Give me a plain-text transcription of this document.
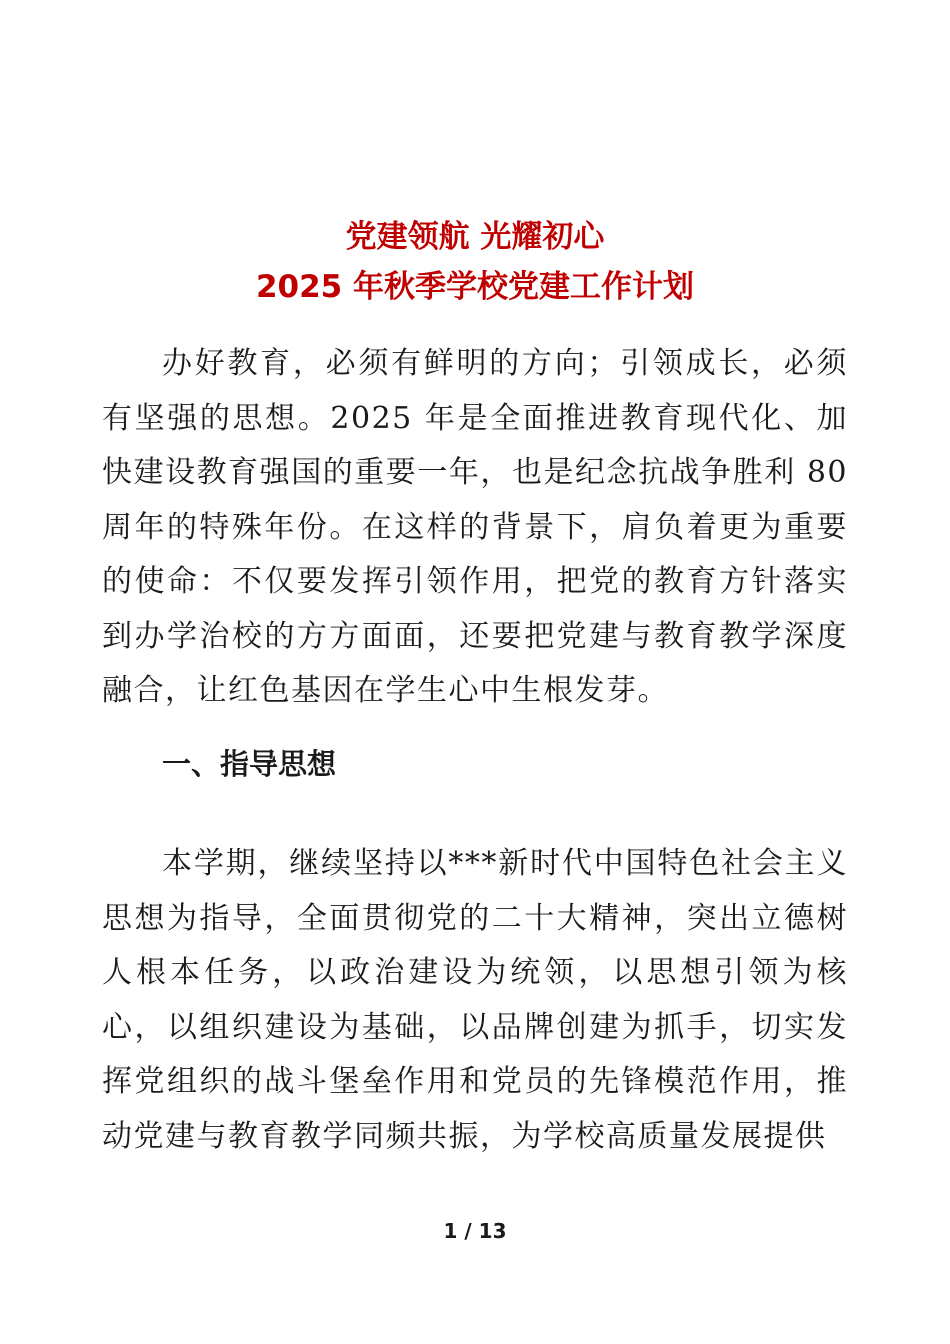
党建领航 光耀初心
2025 年秋季学校党建工作计划

办好教育，必须有鲜明的方向；引领成长，必须有坚强的思想。2025 年是全面推进教育现代化、加快建设教育强国的重要一年，也是纪念抗战争胜利 80 周年的特殊年份。在这样的背景下，肩负着更为重要的使命：不仅要发挥引领作用，把党的教育方针落实到办学治校的方方面面，还要把党建与教育教学深度融合，让红色基因在学生心中生根发芽。

一、指导思想

本学期，继续坚持以***新时代中国特色社会主义思想为指导，全面贯彻党的二十大精神，突出立德树人根本任务，以政治建设为统领，以思想引领为核心，以组织建设为基础，以品牌创建为抓手，切实发挥党组织的战斗堡垒作用和党员的先锋模范作用，推动党建与教育教学同频共振，为学校高质量发展提供

1 / 13
